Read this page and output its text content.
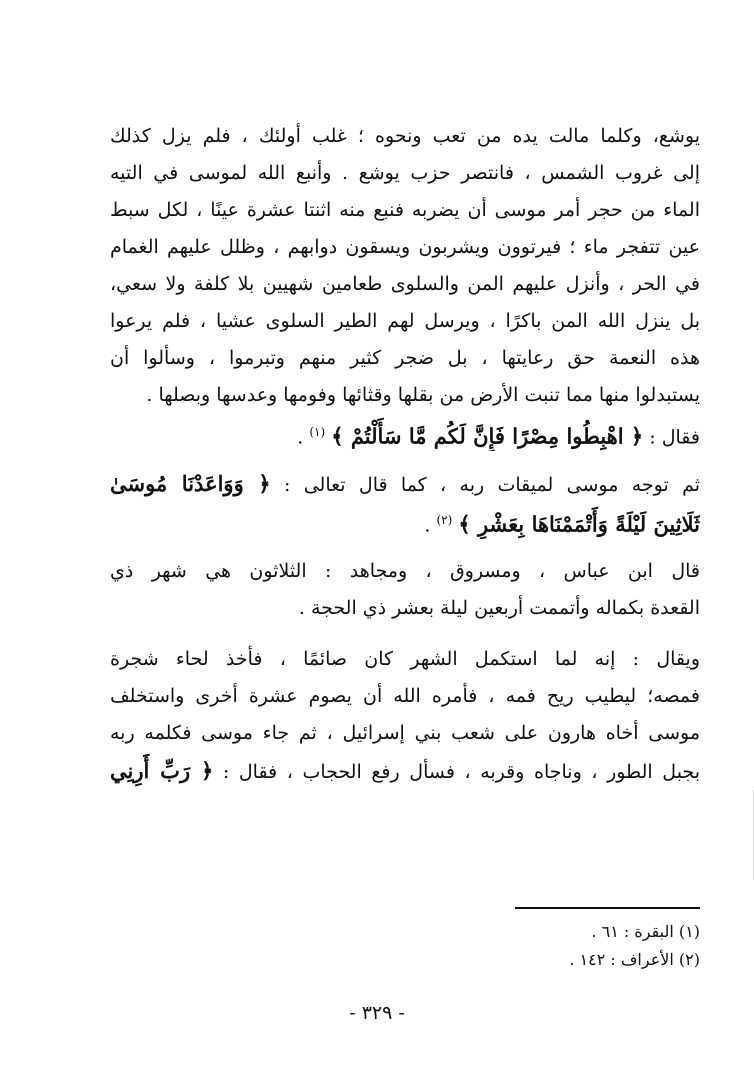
يوشع، وكلما مالت يده من تعب ونحوه ؛ غلب أولئك ، فلم يزل كذلك
إلى غروب الشمس ، فانتصر حزب يوشع . وأنبع الله لموسى في التيه
الماء من حجر أمر موسى أن يضربه فنبع منه اثنتا عشرة عينًا ، لكل سبط
عين تتفجر ماء ؛ فيرتوون ويشربون ويسقون دوابهم ، وظلل عليهم الغمام
في الحر ، وأنزل عليهم المن والسلوى طعامين شهيين بلا كلفة ولا سعي،
بل ينزل الله المن باكرًا ، ويرسل لهم الطير السلوى عشيا ، فلم يرعوا
هذه النعمة حق رعايتها ، بل ضجر كثير منهم وتبرموا ، وسألوا أن
يستبدلوا منها مما تنبت الأرض من بقلها وقثائها وفومها وعدسها وبصلها .
فقال : ﴿ اهْبِطُوا مِصْرًا فَإِنَّ لَكُم مَّا سَأَلْتُمْ ﴾ $^{(١)}$ .
ثم توجه موسى لميقات ربه ، كما قال تعالى : ﴿ وَوَاعَدْنَا مُوسَىٰ
ثَلَاثِينَ لَيْلَةً وَأَتْمَمْنَاهَا بِعَشْرٍ ﴾ $^{(٢)}$ .
قال ابن عباس ، ومسروق ، ومجاهد : الثلاثون هي شهر ذي
القعدة بكماله وأتممت أربعين ليلة بعشر ذي الحجة .
ويقال : إنه لما استكمل الشهر كان صائمًا ، فأخذ لحاء شجرة
فمصه؛ ليطيب ريح فمه ، فأمره الله أن يصوم عشرة أخرى واستخلف
موسى أخاه هارون على شعب بني إسرائيل ، ثم جاء موسى فكلمه ربه
بجبل الطور ، وناجاه وقربه ، فسأل رفع الحجاب ، فقال : ﴿ رَبِّ أَرِنِي
(١) البقرة : ٦١ .
(٢) الأعراف : ١٤٢ .
- ٣٢٩ -
